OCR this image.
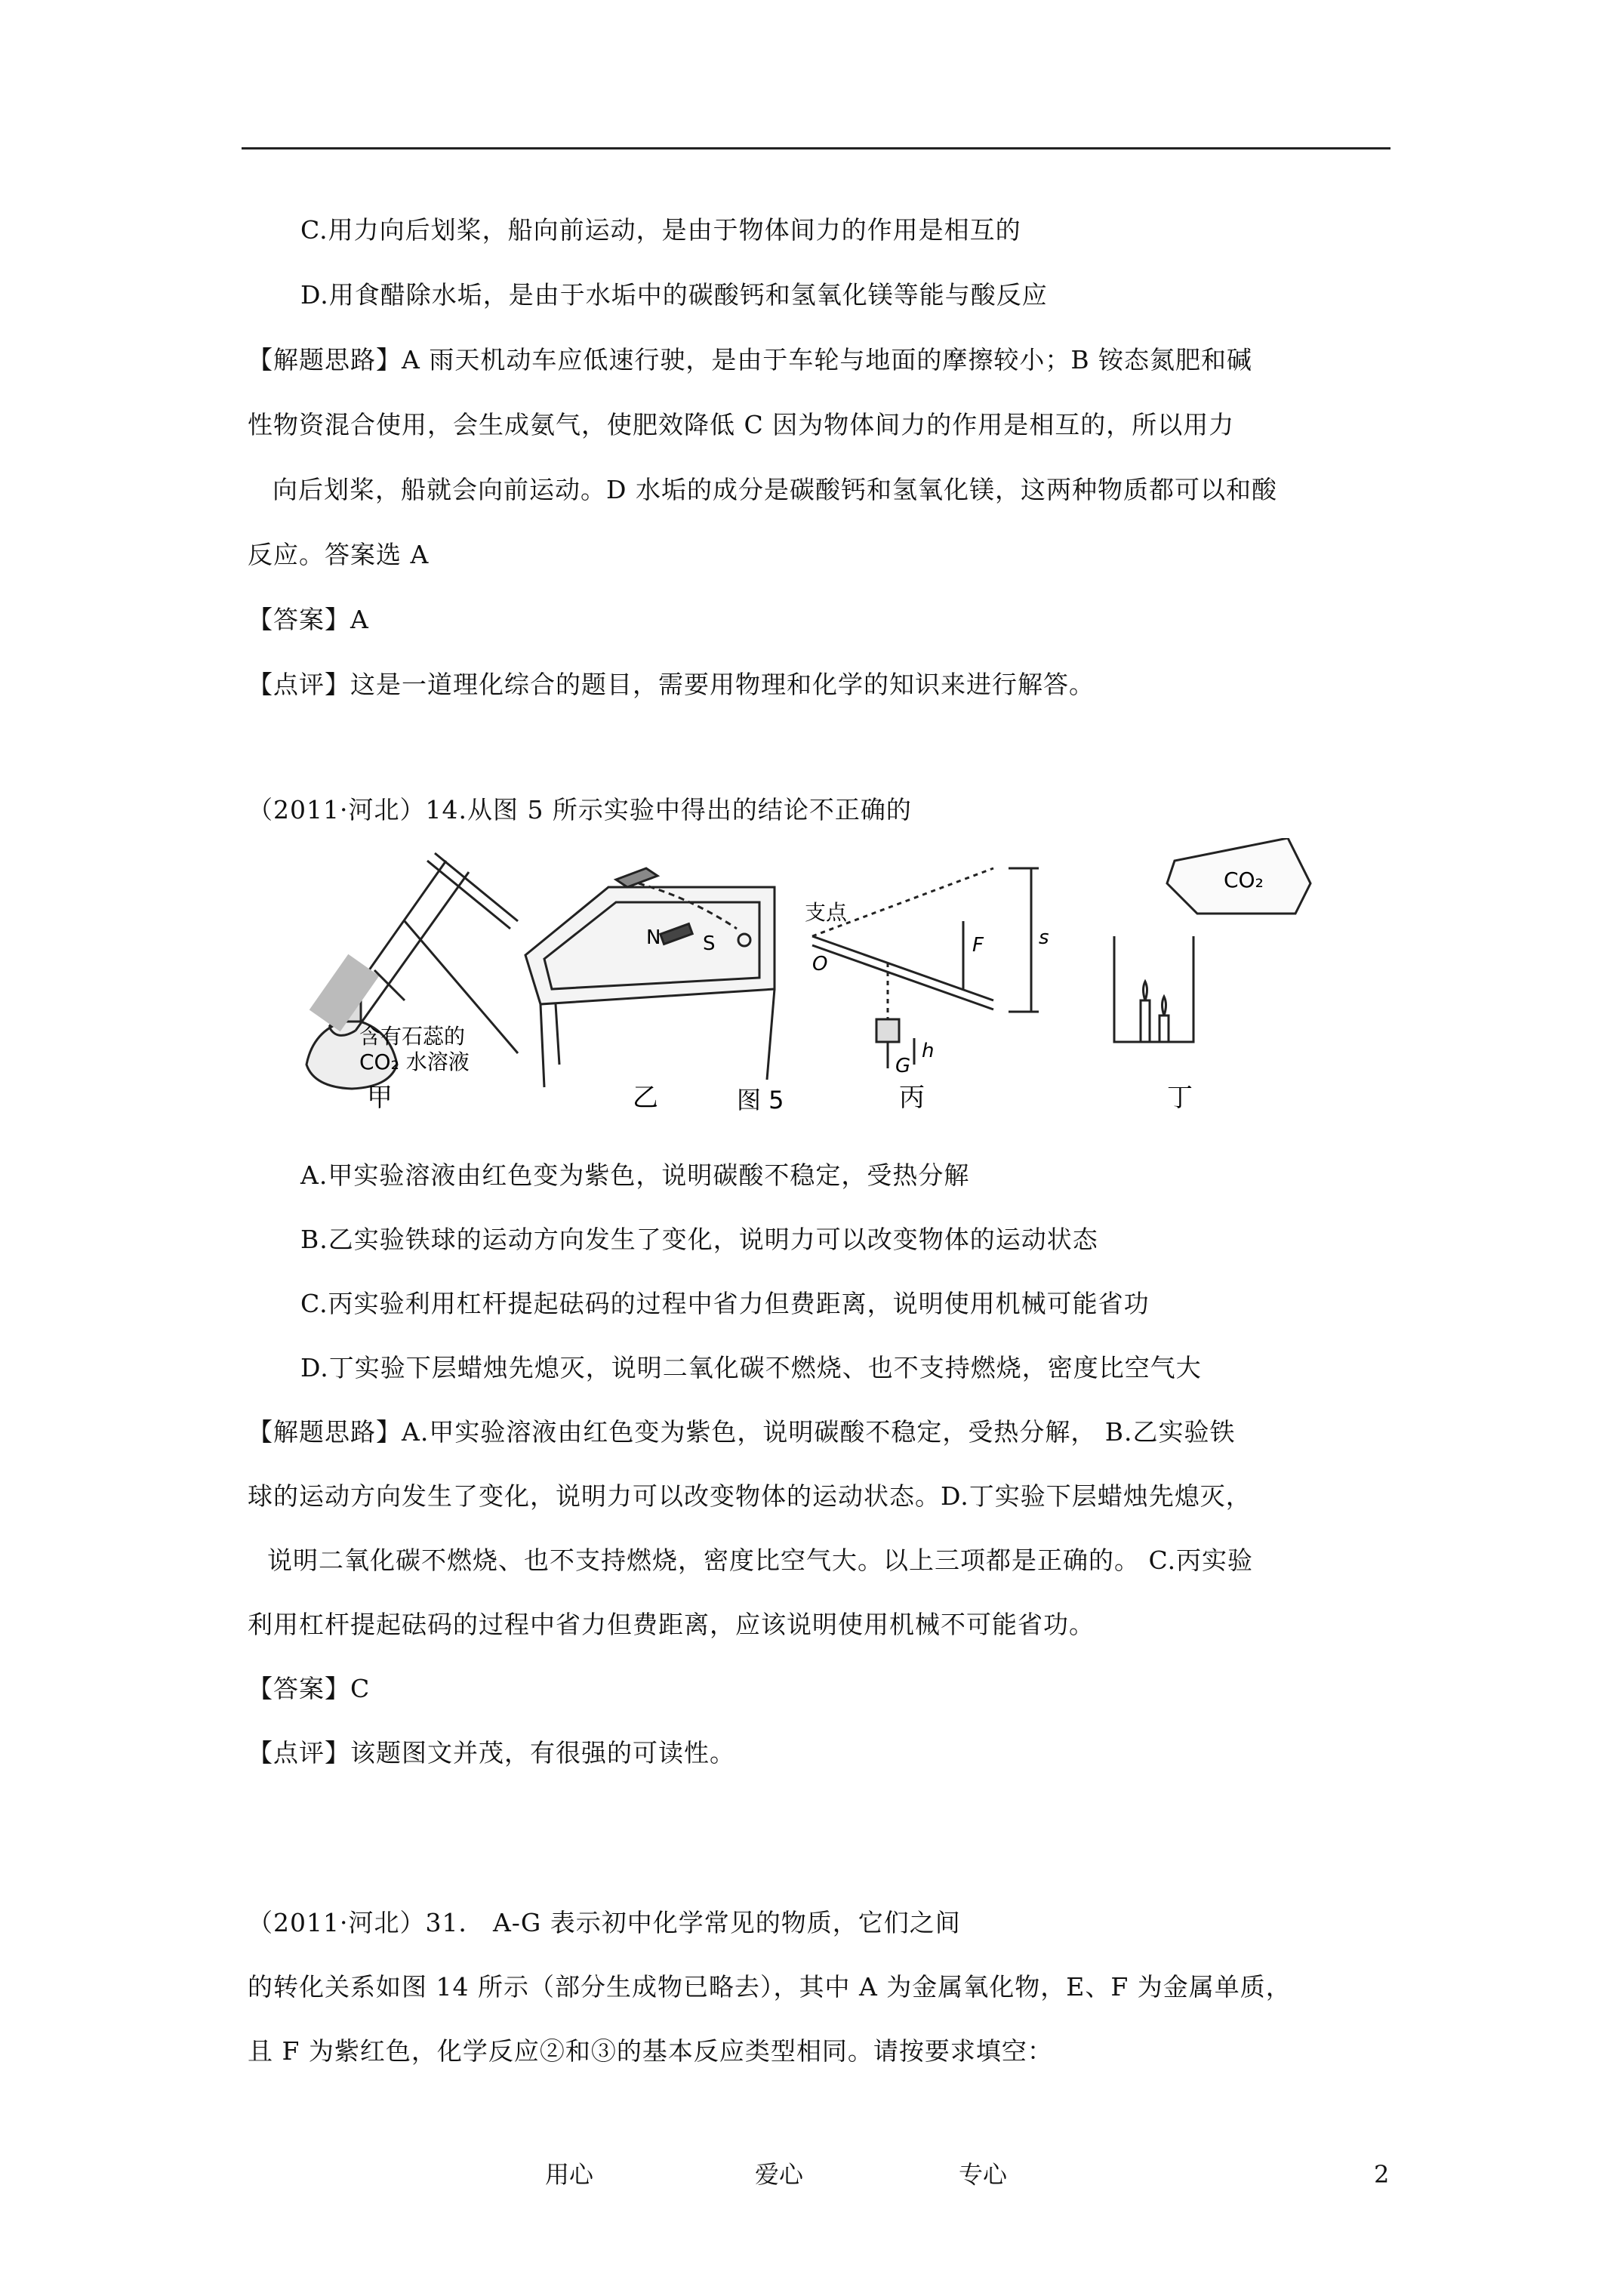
C.用力向后划桨，船向前运动，是由于物体间力的作用是相互的
D.用食醋除水垢，是由于水垢中的碳酸钙和氢氧化镁等能与酸反应
【解题思路】A 雨天机动车应低速行驶，是由于车轮与地面的摩擦较小；B 铵态氮肥和碱
性物资混合使用，会生成氨气，使肥效降低 C 因为物体间力的作用是相互的，所以用力
向后划桨，船就会向前运动。D 水垢的成分是碳酸钙和氢氧化镁，这两种物质都可以和酸
反应。答案选 A
【答案】A
【点评】这是一道理化综合的题目，需要用物理和化学的知识来进行解答。
（2011·河北）14.从图 5 所示实验中得出的结论不正确的
含有石蕊的
CO₂ 水溶液
甲
N S
乙
支点
O
F	s
h
G
丙
CO₂
丁
图 5
A.甲实验溶液由红色变为紫色，说明碳酸不稳定，受热分解
B.乙实验铁球的运动方向发生了变化，说明力可以改变物体的运动状态
C.丙实验利用杠杆提起砝码的过程中省力但费距离，说明使用机械可能省功
D.丁实验下层蜡烛先熄灭，说明二氧化碳不燃烧、也不支持燃烧，密度比空气大
【解题思路】A.甲实验溶液由红色变为紫色，说明碳酸不稳定，受热分解， B.乙实验铁
球的运动方向发生了变化，说明力可以改变物体的运动状态。D.丁实验下层蜡烛先熄灭，
说明二氧化碳不燃烧、也不支持燃烧，密度比空气大。以上三项都是正确的。 C.丙实验
利用杠杆提起砝码的过程中省力但费距离，应该说明使用机械不可能省功。
【答案】C
【点评】该题图文并茂，有很强的可读性。
（2011·河北）31． A-G 表示初中化学常见的物质，它们之间
的转化关系如图 14 所示（部分生成物已略去），其中 A 为金属氧化物，E、F 为金属单质，
且 F 为紫红色，化学反应②和③的基本反应类型相同。请按要求填空：
用心	爱心	专心	2
